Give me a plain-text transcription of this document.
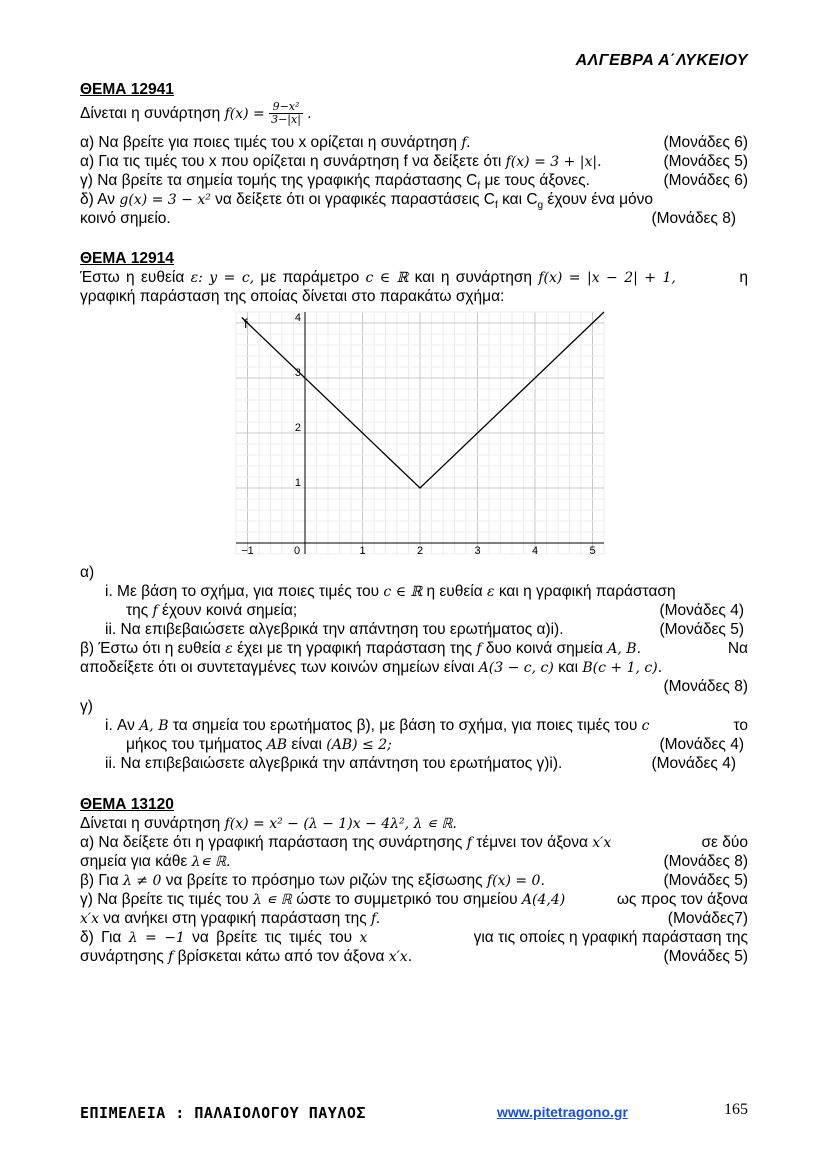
ΑΛΓΕΒΡΑ Α΄ΛΥΚΕΙΟΥ
ΘΕΜΑ 12941
Δίνεται η συνάρτηση $f(x) = \frac{\text{9−x²}}{3-|x|}$ .
α) Να βρείτε για ποιες τιμές του x ορίζεται η συνάρτηση f.	(Μονάδες 6)
α) Για τις τιμές του x που ορίζεται η συνάρτηση f να δείξετε ότι f(x) = 3 + |x|.	(Μονάδες 5)
γ) Να βρείτε τα σημεία τομής της γραφικής παράστασης $C_f$ με τους άξονες.	(Μονάδες 6)
δ) Αν g(x) = 3 − x² να δείξετε ότι οι γραφικές παραστάσεις $C_f$ και $C_g$ έχουν ένα μόνο
κοινό σημείο.	(Μονάδες 8)
ΘΕΜΑ 12914
Έστω η ευθεία ε: y = c, με παράμετρο c ∈ ℝ και η συνάρτηση f(x) = |x − 2| + 1,	η
γραφική παράσταση της οποίας δίνεται στο παρακάτω σχήμα:
−1	0	1	2	3	4	5
1
2
3
4
f
α)
i. Με βάση το σχήμα, για ποιες τιμές του c ∈ ℝ η ευθεία ε και η γραφική παράσταση
της f έχουν κοινά σημεία;	(Μονάδες 4)
ii. Να επιβεβαιώσετε αλγεβρικά την απάντηση του ερωτήματος α)i).	(Μονάδες 5)
β) Έστω ότι η ευθεία ε έχει με τη γραφική παράσταση της f δυο κοινά σημεία A, B.	Να
αποδείξετε ότι οι συντεταγμένες των κοινών σημείων είναι A(3 − c, c) και B(c + 1, c).
(Μονάδες 8)
γ)
i. Αν A, B τα σημεία του ερωτήματος β), με βάση το σχήμα, για ποιες τιμές του c	το
μήκος του τμήματος AB είναι (AB) ≤ 2;	(Μονάδες 4)
ii. Να επιβεβαιώσετε αλγεβρικά την απάντηση του ερωτήματος γ)i).	(Μονάδες 4)
ΘΕΜΑ 13120
Δίνεται η συνάρτηση f(x) = x² − (λ − 1)x − 4λ², λ ∊ ℝ.
α) Να δείξετε ότι η γραφική παράσταση της συνάρτησης f τέμνει τον άξονα x′x	σε δύο
σημεία για κάθε λ∊ ℝ.	(Μονάδες 8)
β) Για λ ≠ 0 να βρείτε το πρόσημο των ριζών της εξίσωσης f(x) = 0.	(Μονάδες 5)
γ) Να βρείτε τις τιμές του λ ∊ ℝ ώστε το συμμετρικό του σημείου A(4,4)	ως προς τον άξονα
x′x να ανήκει στη γραφική παράσταση της f.	(Μονάδες7)
δ) Για λ = −1 να βρείτε τις τιμές του x	για τις οποίες η γραφική παράσταση της
συνάρτησης f βρίσκεται κάτω από τον άξονα x′x.	(Μονάδες 5)
ΕΠΙΜΕΛΕΙΑ : ΠΑΛΑΙΟΛΟΓΟΥ ΠΑΥΛΟΣ	www.pitetragono.gr	165
